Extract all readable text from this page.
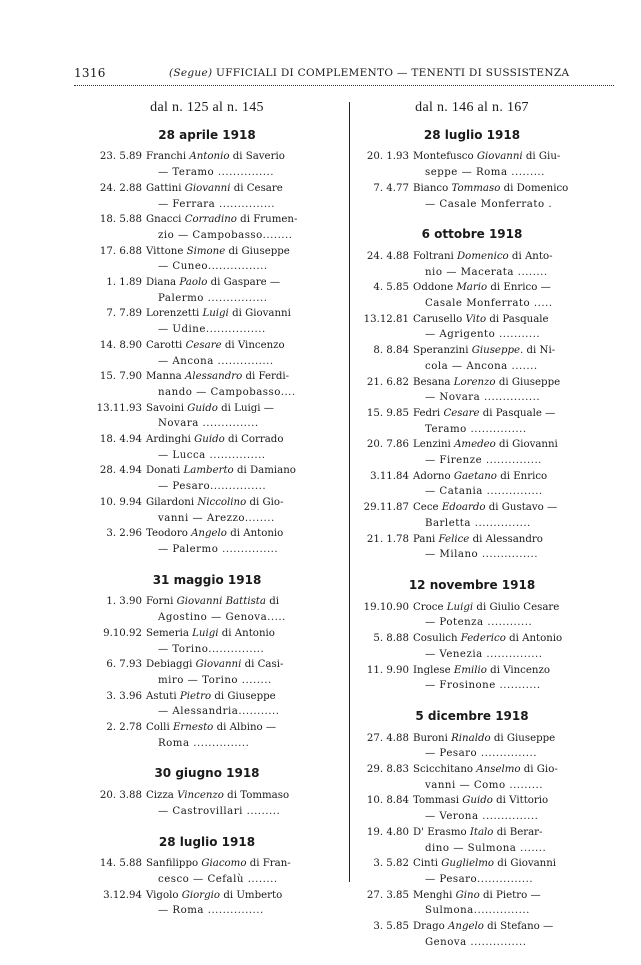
1316	(Segue) UFFICIALI DI COMPLEMENTO — TENENTI DI SUSSISTENZA
dal n. 125 al n. 145
28 aprile 1918
23. 5.89 Franchi Antonio di Saverio
— Teramo ...............
24. 2.88 Gattini Giovanni di Cesare
— Ferrara ...............
18. 5.88 Gnacci Corradino di Frumen-
zio — Campobasso........
17. 6.88 Vittone Simone di Giuseppe
— Cuneo................
1. 1.89 Diana Paolo di Gaspare —
Palermo ................
7. 7.89 Lorenzetti Luigi di Giovanni
— Udine................
14. 8.90 Carotti Cesare di Vincenzo
— Ancona ...............
15. 7.90 Manna Alessandro di Ferdi-
nando — Campobasso....
13.11.93 Savoini Guido di Luigi —
Novara ...............
18. 4.94 Ardinghi Guido di Corrado
— Lucca ...............
28. 4.94 Donati Lamberto di Damiano
— Pesaro...............
10. 9.94 Gilardoni Niccolino di Gio-
vanni — Arezzo........
3. 2.96 Teodoro Angelo di Antonio
— Palermo ...............
31 maggio 1918
1. 3.90 Forni Giovanni Battista di
Agostino — Genova.....
9.10.92 Semeria Luigi di Antonio
— Torino...............
6. 7.93 Debiaggi Giovanni di Casi-
miro — Torino ........
3. 3.96 Astuti Pietro di Giuseppe
— Alessandria...........
2. 2.78 Colli Ernesto di Albino —
Roma ...............
30 giugno 1918
20. 3.88 Cizza Vincenzo di Tommaso
— Castrovillari .........
28 luglio 1918
14. 5.88 Sanfilippo Giacomo di Fran-
cesco — Cefalù ........
3.12.94 Vigolo Giorgio di Umberto
— Roma ...............
dal n. 146 al n. 167
28 luglio 1918
20. 1.93 Montefusco Giovanni di Giu-
seppe — Roma .........
7. 4.77 Bianco Tommaso di Domenico
— Casale Monferrato .
6 ottobre 1918
24. 4.88 Foltrani Domenico di Anto-
nio — Macerata ........
4. 5.85 Oddone Mario di Enrico —
Casale Monferrato .....
13.12.81 Carusello Vito di Pasquale
— Agrigento ...........
8. 8.84 Speranzini Giuseppe. di Ni-
cola — Ancona .......
21. 6.82 Besana Lorenzo di Giuseppe
— Novara ...............
15. 9.85 Fedri Cesare di Pasquale —
Teramo ...............
20. 7.86 Lenzini Amedeo di Giovanni
— Firenze ...............
3.11.84 Adorno Gaetano di Enrico
— Catania ...............
29.11.87 Cece Edoardo di Gustavo —
Barletta ...............
21. 1.78 Pani Felice di Alessandro
— Milano ...............
12 novembre 1918
19.10.90 Croce Luigi di Giulio Cesare
— Potenza ............
5. 8.88 Cosulich Federico di Antonio
— Venezia ...............
11. 9.90 Inglese Emilio di Vincenzo
— Frosinone ...........
5 dicembre 1918
27. 4.88 Buroni Rinaldo di Giuseppe
— Pesaro ...............
29. 8.83 Scicchitano Anselmo di Gio-
vanni — Como .........
10. 8.84 Tommasi Guido di Vittorio
— Verona ...............
19. 4.80 D' Erasmo Italo di Berar-
dino — Sulmona .......
3. 5.82 Cinti Guglielmo di Giovanni
— Pesaro...............
27. 3.85 Menghi Gino di Pietro —
Sulmona...............
3. 5.85 Drago Angelo di Stefano —
Genova ...............
